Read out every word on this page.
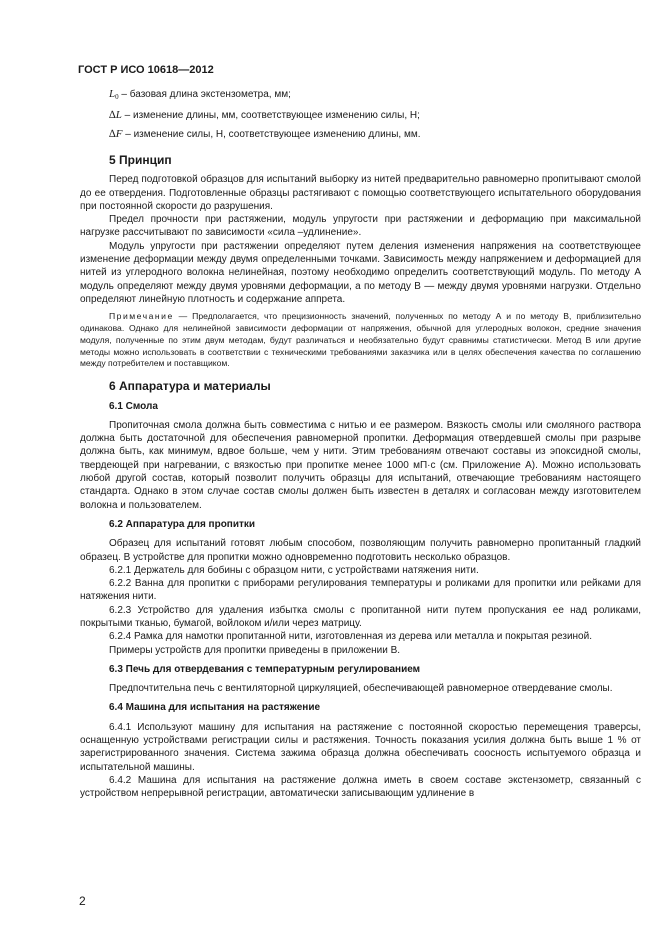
ГОСТ Р ИСО 10618—2012

$L_0$ – базовая длина экстензометра, мм;

∆L – изменение длины, мм, соответствующее изменению силы, Н;

∆F – изменение силы, Н, соответствующее изменению длины, мм.

5 Принцип

Перед подготовкой образцов для испытаний выборку из нитей предварительно равномерно пропитывают смолой до ее отвердения. Подготовленные образцы растягивают с помощью соответствующего испытательного оборудования при постоянной скорости до разрушения.

Предел прочности при растяжении, модуль упругости при растяжении и деформацию при максимальной нагрузке рассчитывают по зависимости «сила –удлинение».

Модуль упругости при растяжении определяют путем деления изменения напряжения на соответствующее изменение деформации между двумя определенными точками. Зависимость между напряжением и деформацией для нитей из углеродного волокна нелинейная, поэтому необходимо определить соответствующий модуль. По методу А модуль определяют между двумя уровнями деформации, а по методу В — между двумя уровнями нагрузки. Отдельно определяют линейную плотность и содержание аппрета.

Примечание — Предполагается, что прецизионность значений, полученных по методу А и по методу В, приблизительно одинакова. Однако для нелинейной зависимости деформации от напряжения, обычной для углеродных волокон, средние значения модуля, полученные по этим двум методам, будут различаться и необязательно будут сравнимы статистически. Метод В или другие методы можно использовать в соответствии с техническими требованиями заказчика или в целях обеспечения качества по соглашению между потребителем и поставщиком.

6 Аппаратура и материалы
6.1 Смола

Пропиточная смола должна быть совместима с нитью и ее размером. Вязкость смолы или смоляного раствора должна быть достаточной для обеспечения равномерной пропитки. Деформация отвердевшей смолы при разрыве должна быть, как минимум, вдвое больше, чем у нити. Этим требованиям отвечают составы из эпоксидной смолы, твердеющей при нагревании, с вязкостью при пропитке менее 1000 мП·с (см. Приложение А). Можно использовать любой другой состав, который позволит получить образцы для испытаний, отвечающие требованиям настоящего стандарта. Однако в этом случае состав смолы должен быть известен в деталях и согласован между изготовителем волокна и пользователем.

6.2 Аппаратура для пропитки

Образец для испытаний готовят любым способом, позволяющим получить равномерно пропитанный гладкий образец. В устройстве для пропитки можно одновременно подготовить несколько образцов.

6.2.1 Держатель для бобины с образцом нити, с устройствами натяжения нити.

6.2.2 Ванна для пропитки с приборами регулирования температуры и роликами для пропитки или рейками для натяжения нити.

6.2.3 Устройство для удаления избытка смолы с пропитанной нити путем пропускания ее над роликами, покрытыми тканью, бумагой, войлоком и/или через матрицу.

6.2.4 Рамка для намотки пропитанной нити, изготовленная из дерева или металла и покрытая резиной.

Примеры устройств для пропитки приведены в приложении В.

6.3 Печь для отвердевания с температурным регулированием

Предпочтительна печь с вентиляторной циркуляцией, обеспечивающей равномерное отвердевание смолы.

6.4 Машина для испытания на растяжение

6.4.1 Используют машину для испытания на растяжение с постоянной скоростью перемещения траверсы, оснащенную устройствами регистрации силы и растяжения. Точность показания усилия должна быть выше 1 % от зарегистрированного значения. Система зажима образца должна обеспечивать соосность испытуемого образца и испытательной машины.

6.4.2 Машина для испытания на растяжение должна иметь в своем составе экстензометр, связанный с устройством непрерывной регистрации, автоматически записывающим удлинение в

2
